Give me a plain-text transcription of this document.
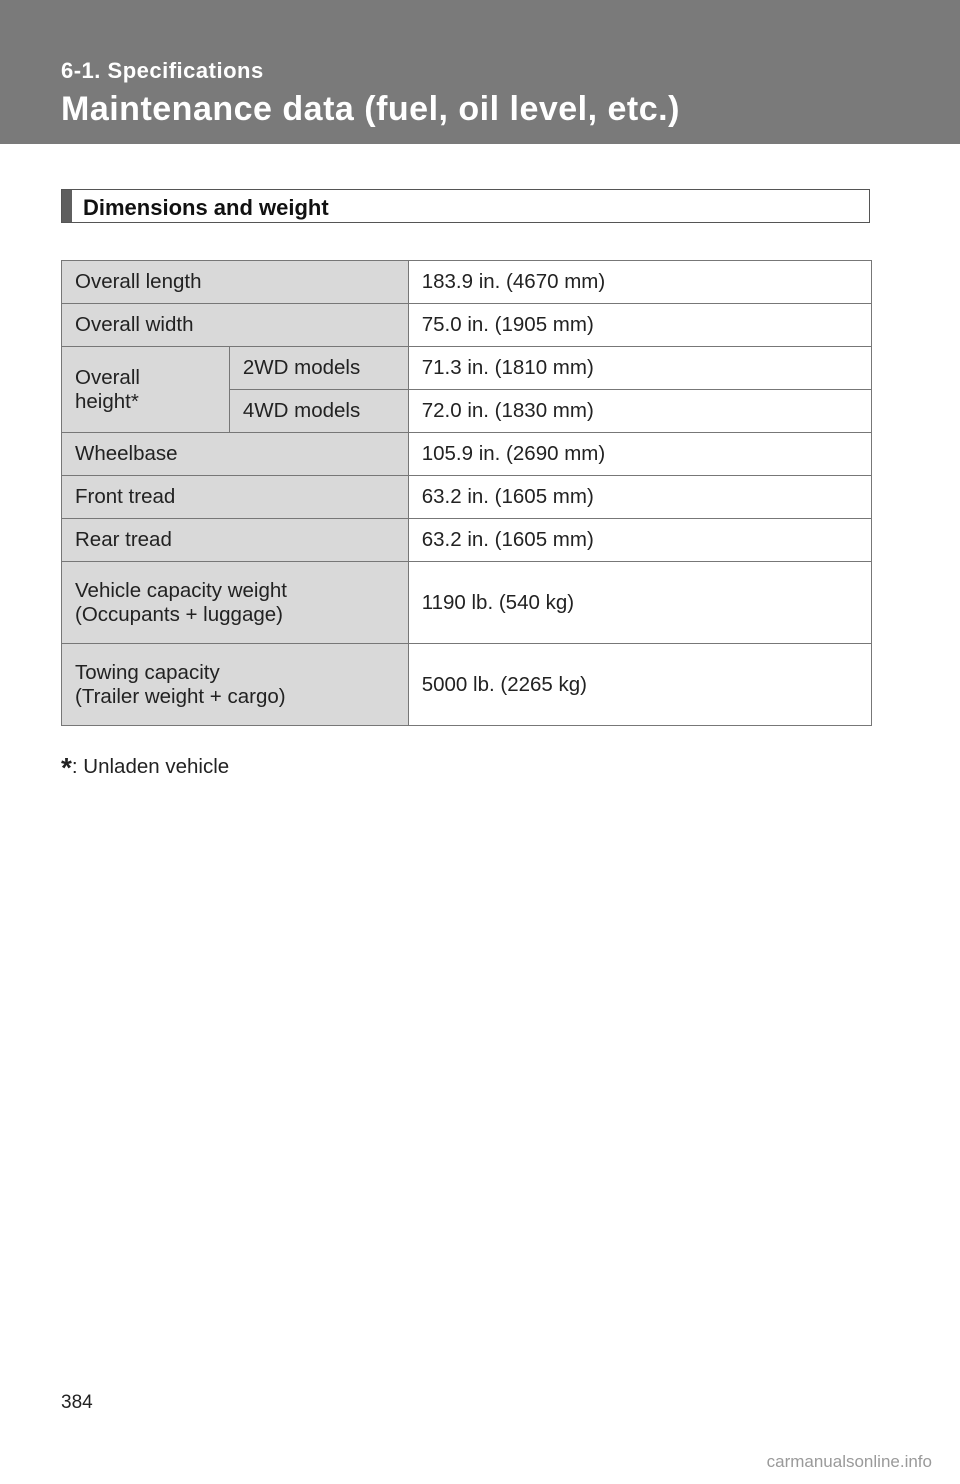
6-1. Specifications
Maintenance data (fuel, oil level, etc.)
Dimensions and weight
Overall length		183.9 in. (4670 mm)
Overall width		75.0 in. (1905 mm)
Overall height*	2WD models	71.3 in. (1810 mm)
	4WD models	72.0 in. (1830 mm)
Wheelbase		105.9 in. (2690 mm)
Front tread		63.2 in. (1605 mm)
Rear tread		63.2 in. (1605 mm)

Vehicle capacity weight
(Occupants + luggage)		1190 lb. (540 kg)

Towing capacity
(Trailer weight + cargo)		5000 lb. (2265 kg)
*: Unladen vehicle
384
carmanualsonline.info
